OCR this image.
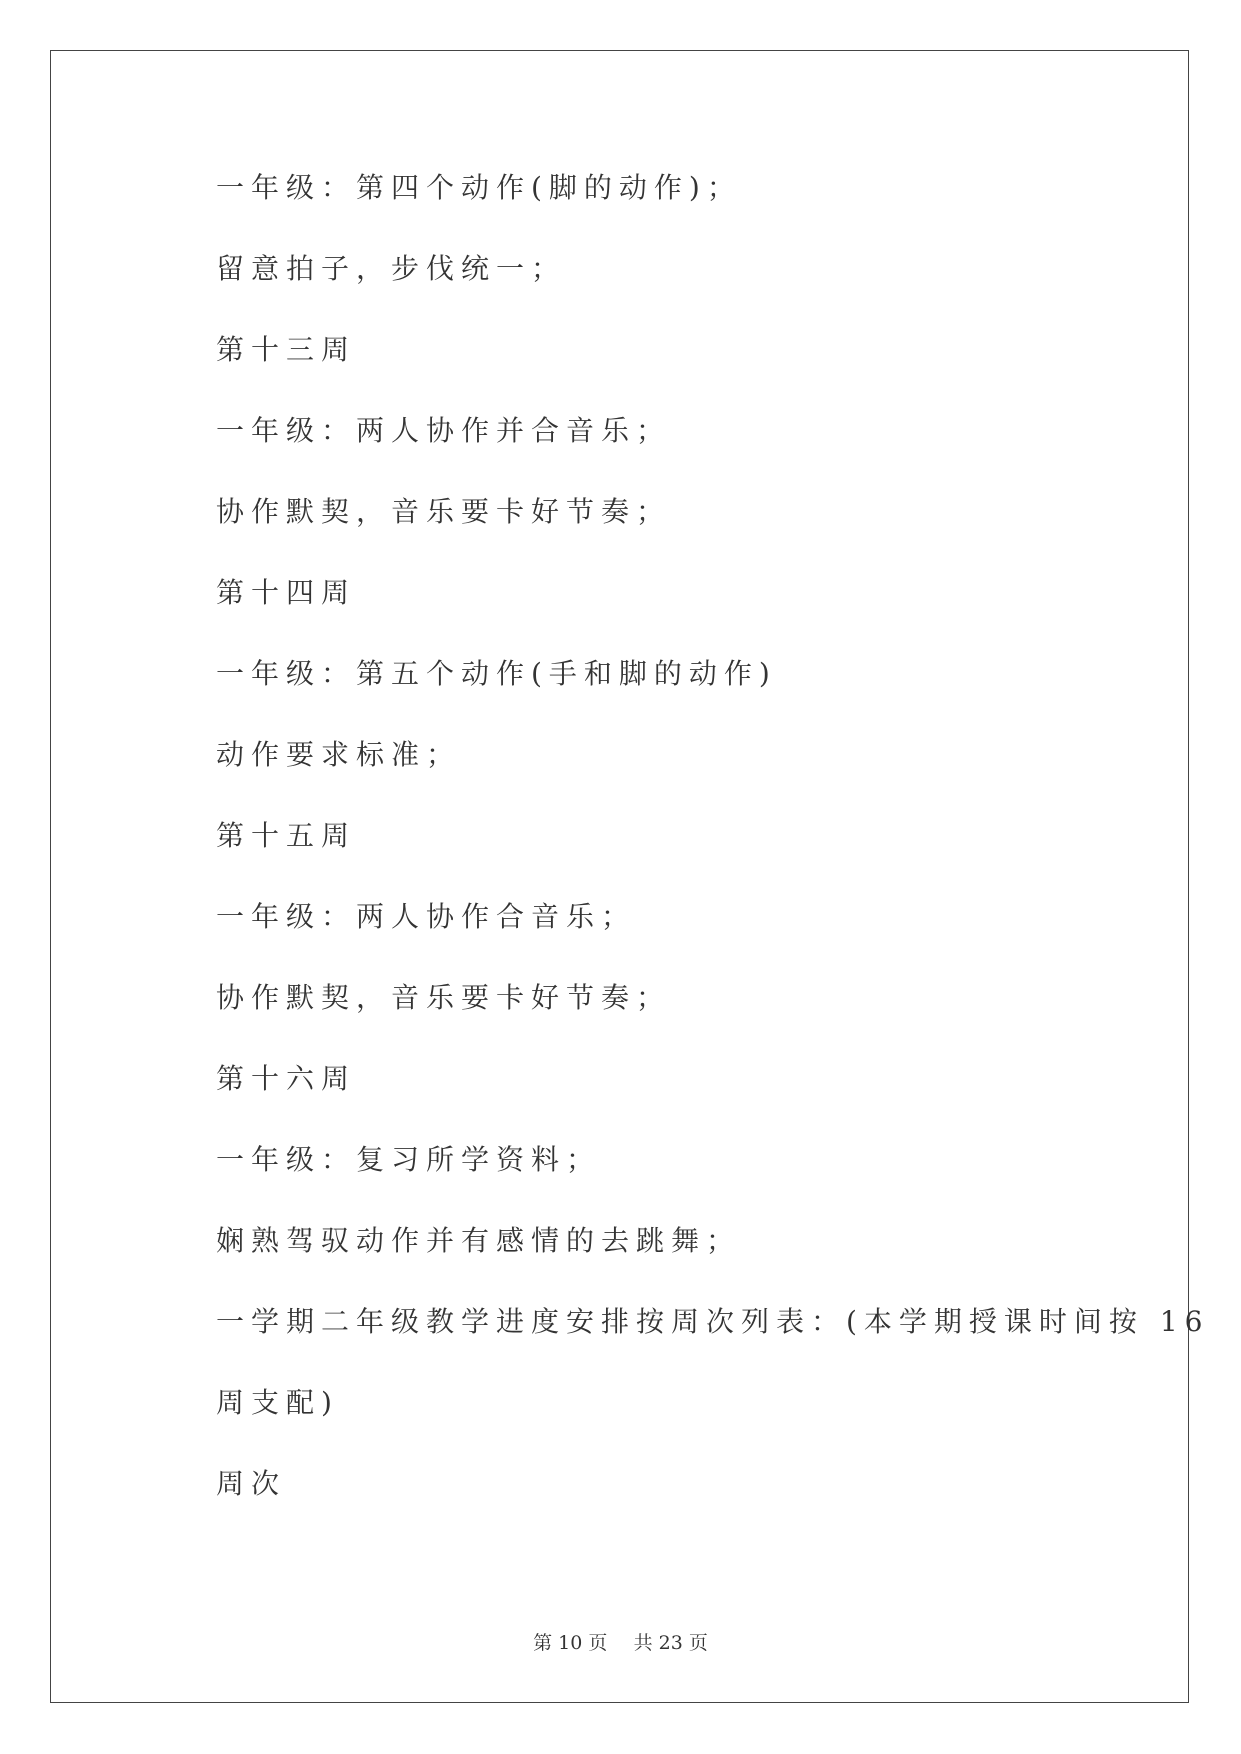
一年级：第四个动作(脚的动作)；
留意拍子，步伐统一；
第十三周
一年级：两人协作并合音乐；
协作默契，音乐要卡好节奏；
第十四周
一年级：第五个动作(手和脚的动作)
动作要求标准；
第十五周
一年级：两人协作合音乐；
协作默契，音乐要卡好节奏；
第十六周
一年级：复习所学资料；
娴熟驾驭动作并有感情的去跳舞；
一学期二年级教学进度安排按周次列表：(本学期授课时间按 16
周支配)
周次
第 10 页 共 23 页
